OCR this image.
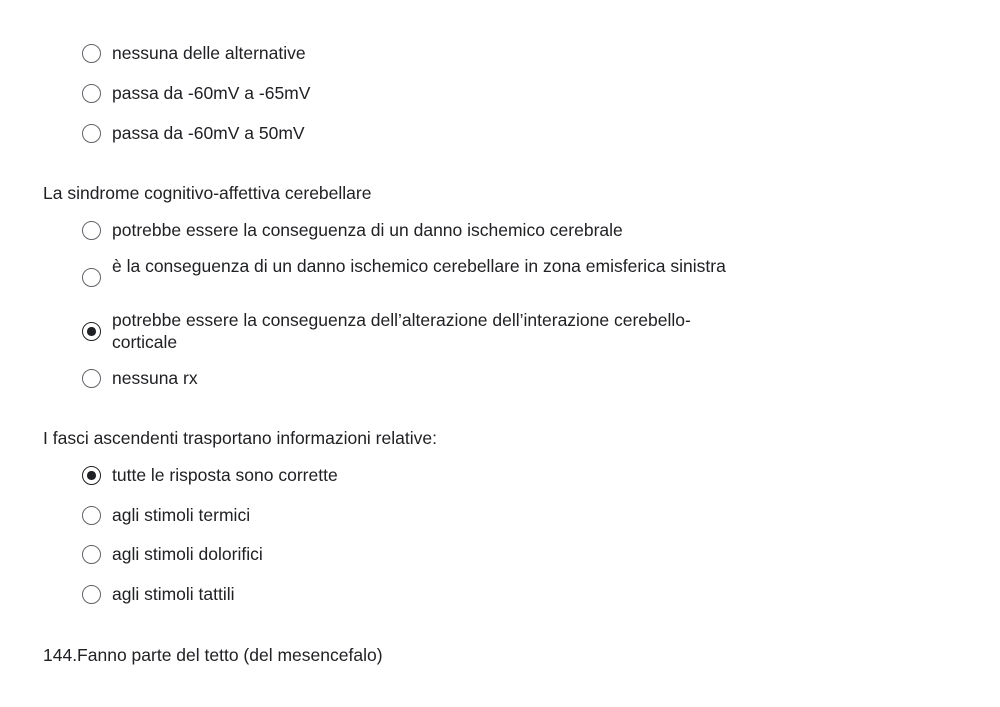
nessuna delle alternative
passa da -60mV a -65mV
passa da -60mV a 50mV

La sindrome cognitivo-affettiva cerebellare

potrebbe essere la conseguenza di un danno ischemico cerebrale
è la conseguenza di un danno ischemico cerebellare in zona emisferica sinistra
potrebbe essere la conseguenza dell’alterazione dell’interazione cerebello-corticale
nessuna rx

I fasci ascendenti trasportano informazioni relative:

tutte le risposta sono corrette
agli stimoli termici
agli stimoli dolorifici
agli stimoli tattili

144.Fanno parte del tetto (del mesencefalo)
